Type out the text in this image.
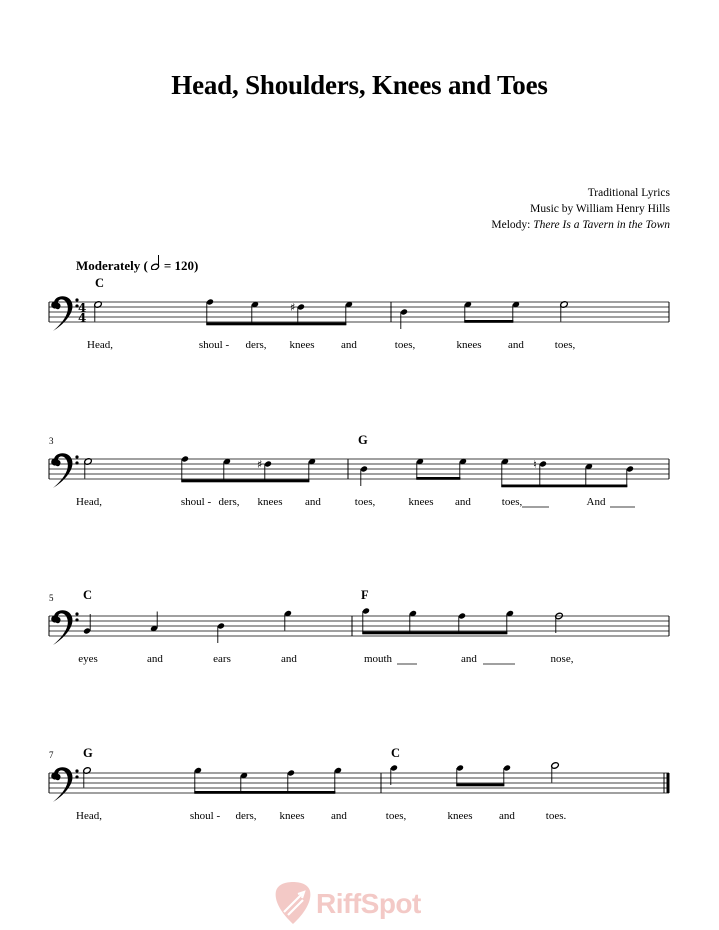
Head, Shoulders, Knees and Toes
Traditional Lyrics
Music by William Henry Hills
Melody: There Is a Tavern in the Town
Moderately ( = 120)
C
G
C	F
G	C
3
5
7
Head,	shoul - ders, knees and	toes,	knees and	toes,
Head,	shoul - ders, knees and	toes,	knees and	toes,	And
eyes	and	ears	and	mouth	and	nose,
Head,	shoul - ders, knees and	toes,	knees and	toes.
4
4
♯
♯	♮
RiffSpot
